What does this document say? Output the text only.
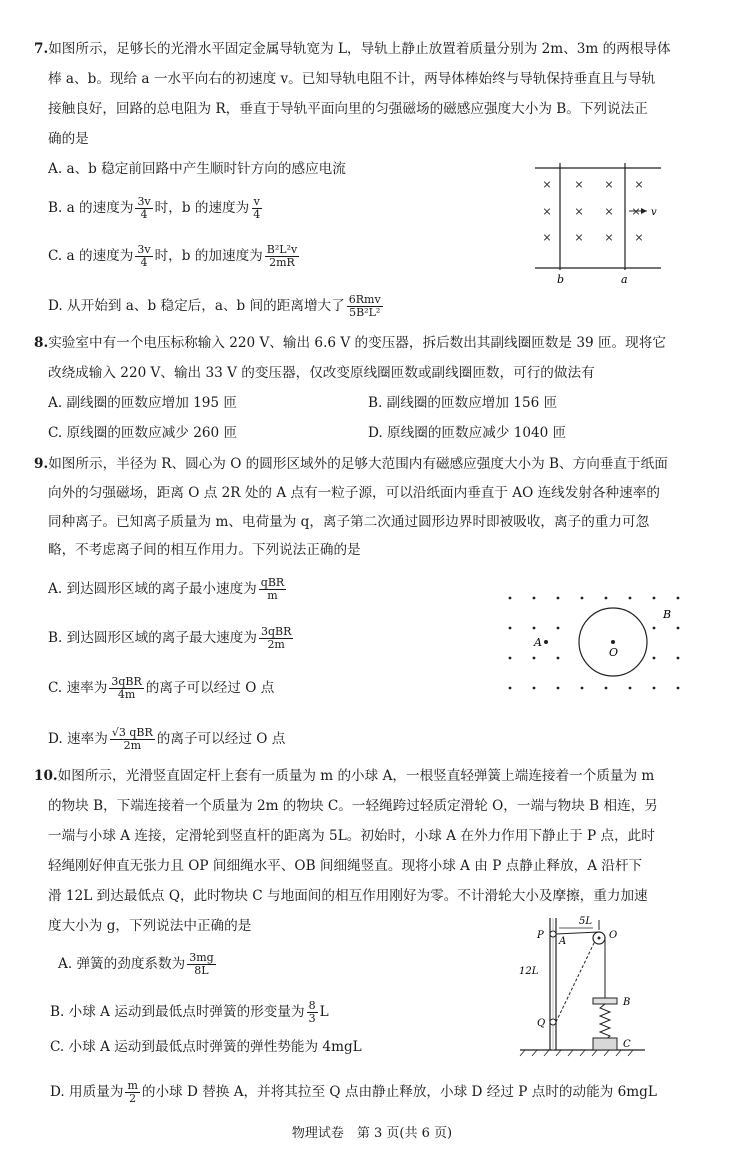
7.如图所示，足够长的光滑水平固定金属导轨宽为 L，导轨上静止放置着质量分别为 2m、3m 的两根导体
棒 a、b。现给 a 一水平向右的初速度 v。已知导轨电阻不计，两导体棒始终与导轨保持垂直且与导轨
接触良好，回路的总电阻为 R，垂直于导轨平面向里的匀强磁场的磁感应强度大小为 B。下列说法正
确的是
A. a、b 稳定前回路中产生顺时针方向的感应电流
B. a 的速度为 $\frac{3v}{4}$ 时，b 的速度为 $\frac{v}{4}$
C. a 的速度为 $\frac{3v}{4}$ 时，b 的加速度为 $\frac{\text{B²L²v}}{2mR}$
D. 从开始到 a、b 稳定后，a、b 间的距离增大了 $\frac{\text{6Rmv}}{\text{5B²L²}}$
× × × ×
× × × ×
× × × ×
v
b	a
8.实验室中有一个电压标称输入 220 V、输出 6.6 V 的变压器，拆后数出其副线圈匝数是 39 匝。现将它
改绕成输入 220 V、输出 33 V 的变压器，仅改变原线圈匝数或副线圈匝数，可行的做法有
A. 副线圈的匝数应增加 195 匝	B. 副线圈的匝数应增加 156 匝
C. 原线圈的匝数应减少 260 匝	D. 原线圈的匝数应减少 1040 匝
9.如图所示，半径为 R、圆心为 O 的圆形区域外的足够大范围内有磁感应强度大小为 B、方向垂直于纸面
向外的匀强磁场，距离 O 点 2R 处的 A 点有一粒子源，可以沿纸面内垂直于 AO 连线发射各种速率的
同种离子。已知离子质量为 m、电荷量为 q，离子第二次通过圆形边界时即被吸收，离子的重力可忽
略，不考虑离子间的相互作用力。下列说法正确的是
A. 到达圆形区域的离子最小速度为 $\frac{\text{qBR}}{m}$
B. 到达圆形区域的离子最大速度为 $\frac{\text{3qBR}}{2m}$
C. 速率为 $\frac{\text{3qBR}}{4m}$ 的离子可以经过 O 点
D. 速率为 $\frac{\text{√3 qBR}}{2m}$ 的离子可以经过 O 点
A
O
B
10.如图所示，光滑竖直固定杆上套有一质量为 m 的小球 A，一根竖直轻弹簧上端连接着一个质量为 m
的物块 B，下端连接着一个质量为 2m 的物块 C。一轻绳跨过轻质定滑轮 O，一端与物块 B 相连，另
一端与小球 A 连接，定滑轮到竖直杆的距离为 5L。初始时，小球 A 在外力作用下静止于 P 点，此时
轻绳刚好伸直无张力且 OP 间细绳水平、OB 间细绳竖直。现将小球 A 由 P 点静止释放，A 沿杆下
滑 12L 到达最低点 Q，此时物块 C 与地面间的相互作用刚好为零。不计滑轮大小及摩擦，重力加速
度大小为 g，下列说法中正确的是
A. 弹簧的劲度系数为 $\frac{3mg}{8L}$
B. 小球 A 运动到最低点时弹簧的形变量为 $\frac{8}{3}$ L
C. 小球 A 运动到最低点时弹簧的弹性势能为 4mgL
D. 用质量为 $\frac{m}{2}$ 的小球 D 替换 A，并将其拉至 Q 点由静止释放，小球 D 经过 P 点时的动能为 6mgL
5L
O
B
C
P
A
Q
12L
物理试卷　第 3 页(共 6 页)
